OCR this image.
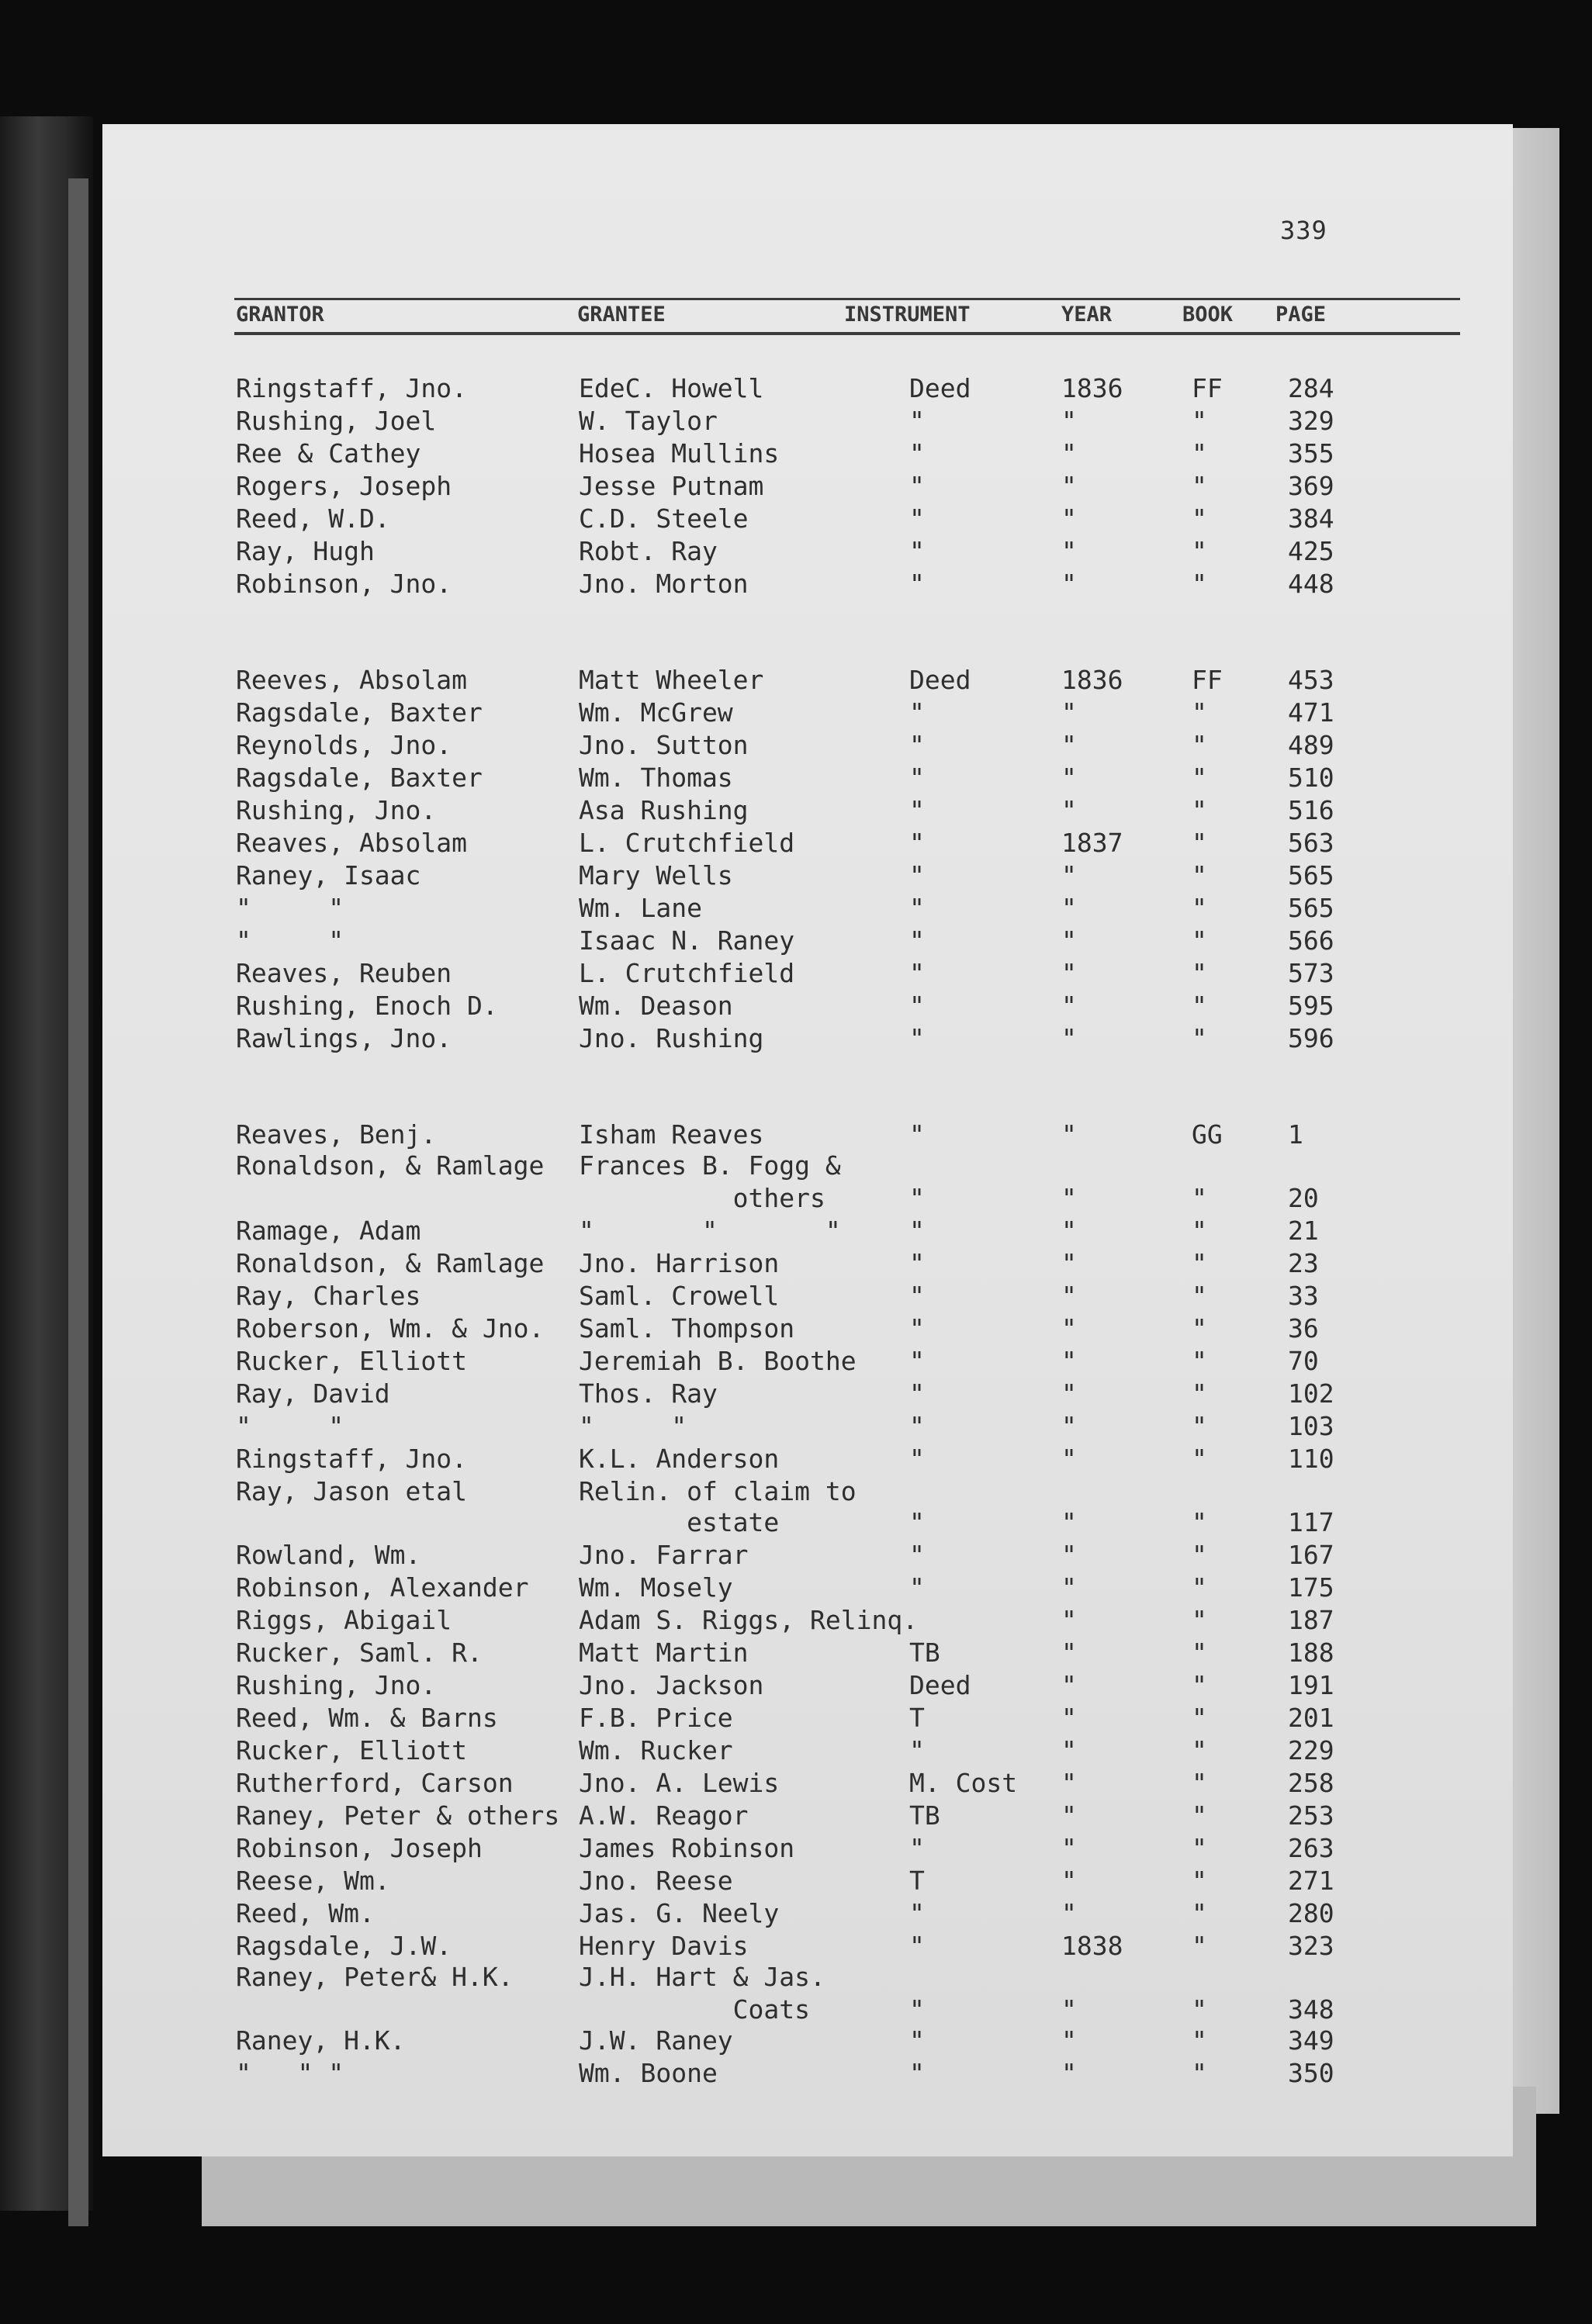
339
GRANTOR	GRANTEE	INSTRUMENT	YEAR	BOOK PAGE
Ringstaff, Jno.	EdeC. Howell	Deed	1836	FF	284
Rushing, Joel	W. Taylor	"	"	"	329
Ree & Cathey	Hosea Mullins	"	"	"	355
Rogers, Joseph	Jesse Putnam	"	"	"	369
Reed, W.D.	C.D. Steele	"	"	"	384
Ray, Hugh	Robt. Ray	"	"	"	425
Robinson, Jno.	Jno. Morton	"	"	"	448
Reeves, Absolam	Matt Wheeler	Deed	1836	FF	453
Ragsdale, Baxter	Wm. McGrew	"	"	"	471
Reynolds, Jno.	Jno. Sutton	"	"	"	489
Ragsdale, Baxter	Wm. Thomas	"	"	"	510
Rushing, Jno.	Asa Rushing	"	"	"	516
Reaves, Absolam	L. Crutchfield	"	1837	"	563
Raney, Isaac	Mary Wells	"	"	"	565
"     "	Wm. Lane	"	"	"	565
"     "	Isaac N. Raney	"	"	"	566
Reaves, Reuben	L. Crutchfield	"	"	"	573
Rushing, Enoch D.	Wm. Deason	"	"	"	595
Rawlings, Jno.	Jno. Rushing	"	"	"	596
Reaves, Benj.	Isham Reaves	"	"	GG	1
Ronaldson, & Ramlage Frances B. Fogg &
others	"	"	"	20
Ramage, Adam	"       "       "	"	"	"	21
Ronaldson, & Ramlage Jno. Harrison	"	"	"	23
Ray, Charles	Saml. Crowell	"	"	"	33
Roberson, Wm. & Jno. Saml. Thompson	"	"	"	36
Rucker, Elliott	Jeremiah B. Boothe "	"	"	70
Ray, David	Thos. Ray	"	"	"	102
"     "	"     "	"	"	"	103
Ringstaff, Jno.	K.L. Anderson	"	"	"	110
Ray, Jason etal	Relin. of claim to
estate	"	"	"	117
Rowland, Wm.	Jno. Farrar	"	"	"	167
Robinson, Alexander Wm. Mosely	"	"	"	175
Riggs, Abigail	Adam S. Riggs, Relinq.	"	"	187
Rucker, Saml. R.	Matt Martin	TB	"	"	188
Rushing, Jno.	Jno. Jackson	Deed	"	"	191
Reed, Wm. & Barns	F.B. Price	T	"	"	201
Rucker, Elliott	Wm. Rucker	"	"	"	229
Rutherford, Carson	Jno. A. Lewis	M. Cost "	"	258
Raney, Peter & others A.W. Reagor	TB	"	"	253
Robinson, Joseph	James Robinson	"	"	"	263
Reese, Wm.	Jno. Reese	T	"	"	271
Reed, Wm.	Jas. G. Neely	"	"	"	280
Ragsdale, J.W.	Henry Davis	"	1838	"	323
Raney, Peter& H.K.	J.H. Hart & Jas.
Coats	"	"	"	348
Raney, H.K.	J.W. Raney	"	"	"	349
"   " "	Wm. Boone	"	"	"	350
